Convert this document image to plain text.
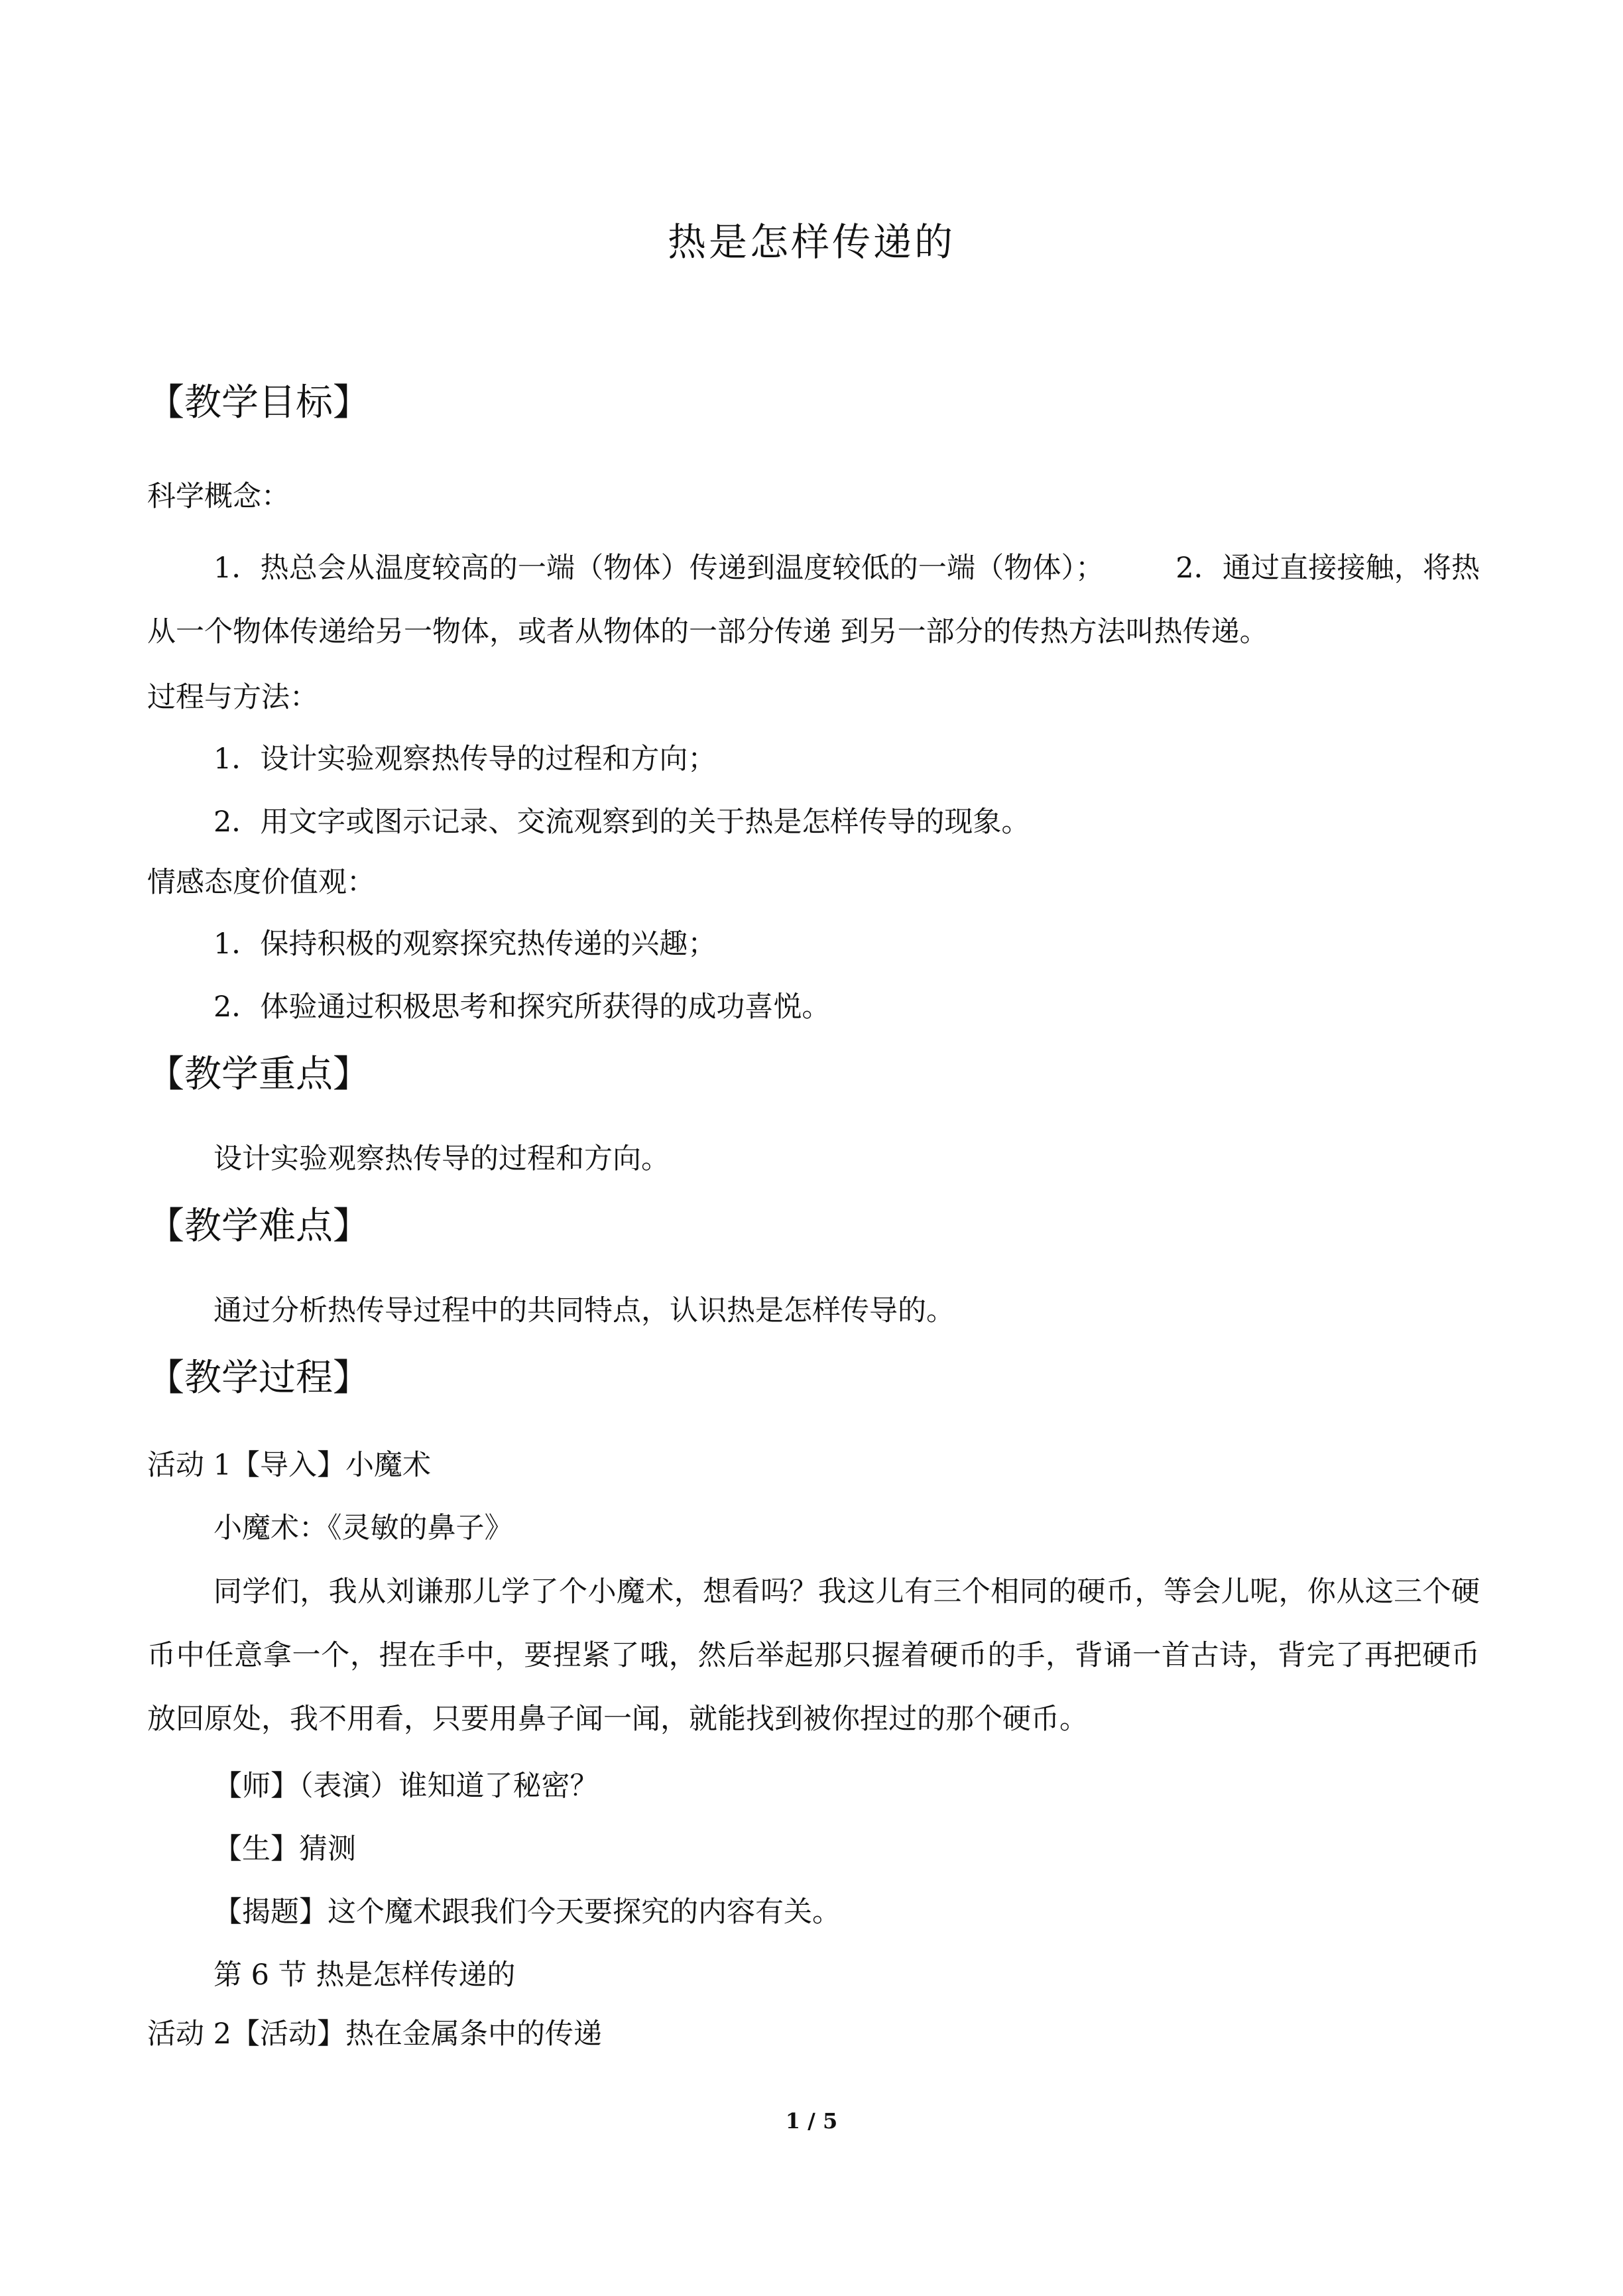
热是怎样传递的
【教学目标】
科学概念：

1．热总会从温度较高的一端（物体）传递到温度较低的一端（物体）；　　　2．通过直接接触，将热从一个物体传递给另一物体，或者从物体的一部分传递 到另一部分的传热方法叫热传递。

过程与方法：
1．设计实验观察热传导的过程和方向；
2．用文字或图示记录、交流观察到的关于热是怎样传导的现象。
情感态度价值观：
1．保持积极的观察探究热传递的兴趣；
2．体验通过积极思考和探究所获得的成功喜悦。
【教学重点】
设计实验观察热传导的过程和方向。
【教学难点】
通过分析热传导过程中的共同特点，认识热是怎样传导的。
【教学过程】
活动 1【导入】小魔术
小魔术：《灵敏的鼻子》

同学们，我从刘谦那儿学了个小魔术，想看吗？我这儿有三个相同的硬币，等会儿呢，你从这三个硬币中任意拿一个，捏在手中，要捏紧了哦，然后举起那只握着硬币的手，背诵一首古诗，背完了再把硬币放回原处，我不用看，只要用鼻子闻一闻，就能找到被你捏过的那个硬币。

【师】（表演）谁知道了秘密？
【生】猜测
【揭题】这个魔术跟我们今天要探究的内容有关。
第 6 节 热是怎样传递的
活动 2【活动】热在金属条中的传递
1 / 5
